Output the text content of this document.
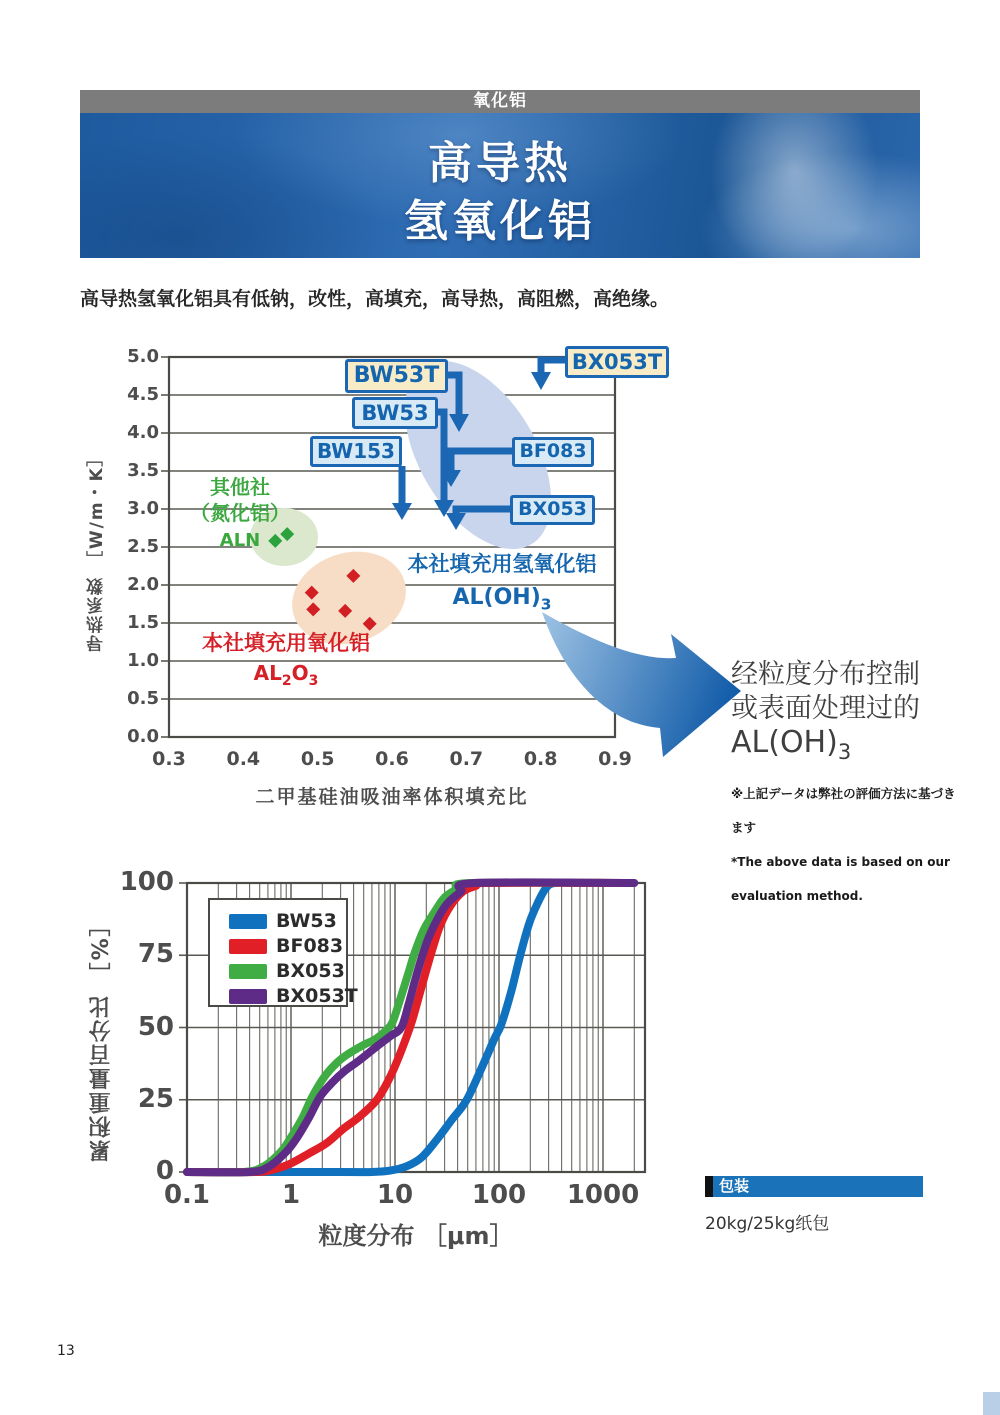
氧化铝
高导热
氢氧化铝
高导热氢氧化铝具有低钠，改性，高填充，高导热，高阻燃，高绝缘。
导热系数 ［W/m・K］
二甲基硅油吸油率体积填充比
BW53T
BX053T
BW53
BW153	BF083
BX053
其他社
（氮化铝）
ALN
本社填充用氢氧化铝
$AL(OH)_3$
本社填充用氧化铝
$AL_2O_3$	经粒度分布控制
或表面处理过的
$AL(OH)_3$
※上記データは弊社の評価方法に基づきます
*The above data is based on our evaluation method.
累积重量百分比 ［%］
粒度分布 ［μm］
BW53
BF083
BX053
BX053T
包装
20kg/25kg纸包
13
0.0
0.5
1.0
1.5
2.0
2.5
3.0
3.5
4.0
4.5
5.0
0.3	0.4	0.5	0.6	0.7	0.8	0.9
0
25
50
75
100
0.1	1	10	100	1000
